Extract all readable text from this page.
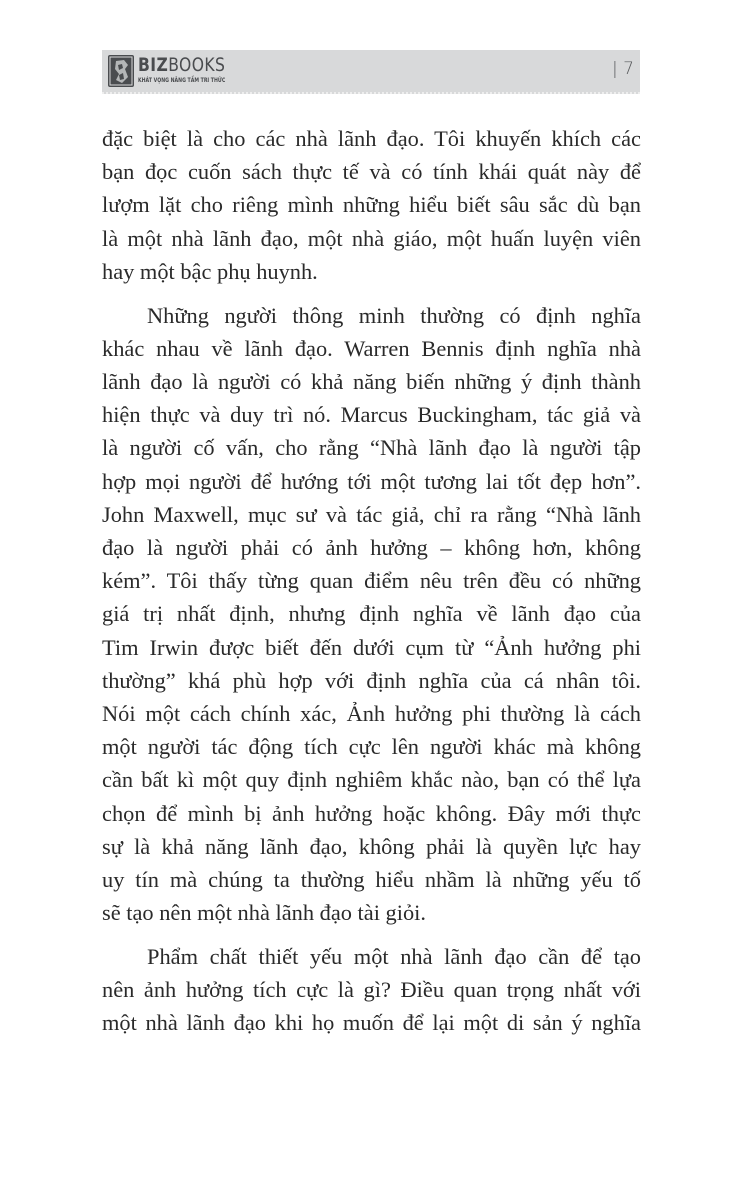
BIZBOOKS
KHÁT VỌNG NÂNG TẦM TRI THỨC
| 7

đặc biệt là cho các nhà lãnh đạo. Tôi khuyến khích các
bạn đọc cuốn sách thực tế và có tính khái quát này để
lượm lặt cho riêng mình những hiểu biết sâu sắc dù bạn
là một nhà lãnh đạo, một nhà giáo, một huấn luyện viên
hay một bậc phụ huynh.

Những người thông minh thường có định nghĩa
khác nhau về lãnh đạo. Warren Bennis định nghĩa nhà
lãnh đạo là người có khả năng biến những ý định thành
hiện thực và duy trì nó. Marcus Buckingham, tác giả và
là người cố vấn, cho rằng “Nhà lãnh đạo là người tập
hợp mọi người để hướng tới một tương lai tốt đẹp hơn”.
John Maxwell, mục sư và tác giả, chỉ ra rằng “Nhà lãnh
đạo là người phải có ảnh hưởng – không hơn, không
kém”. Tôi thấy từng quan điểm nêu trên đều có những
giá trị nhất định, nhưng định nghĩa về lãnh đạo của
Tim Irwin được biết đến dưới cụm từ “Ảnh hưởng phi
thường” khá phù hợp với định nghĩa của cá nhân tôi.
Nói một cách chính xác, Ảnh hưởng phi thường là cách
một người tác động tích cực lên người khác mà không
cần bất kì một quy định nghiêm khắc nào, bạn có thể lựa
chọn để mình bị ảnh hưởng hoặc không. Đây mới thực
sự là khả năng lãnh đạo, không phải là quyền lực hay
uy tín mà chúng ta thường hiểu nhầm là những yếu tố
sẽ tạo nên một nhà lãnh đạo tài giỏi.

Phẩm chất thiết yếu một nhà lãnh đạo cần để tạo
nên ảnh hưởng tích cực là gì? Điều quan trọng nhất với
một nhà lãnh đạo khi họ muốn để lại một di sản ý nghĩa
